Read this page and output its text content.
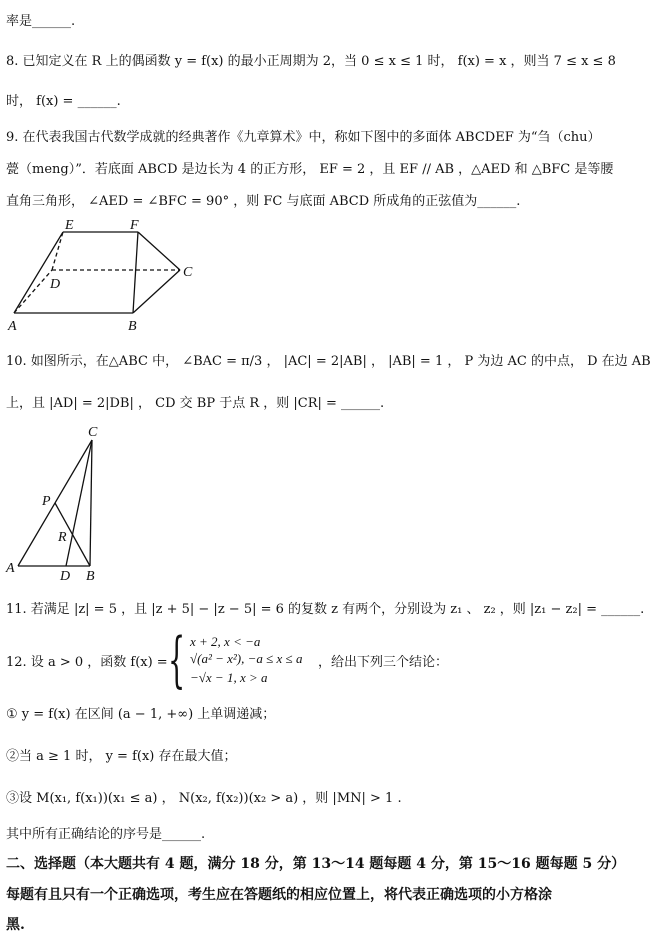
率是______.
8. 已知定义在 R 上的偶函数 y = f(x) 的最小正周期为 2，当 0 ≤ x ≤ 1 时， f(x) = x ，则当 7 ≤ x ≤ 8
时， f(x) = ______.
9. 在代表我国古代数学成就的经典著作《九章算术》中，称如下图中的多面体 ABCDEF 为“刍（chu）
甍（meng）”．若底面 ABCD 是边长为 4 的正方形， EF = 2 ，且 EF // AB ，△AED 和 △BFC 是等腰
直角三角形， ∠AED = ∠BFC = 90° ，则 FC 与底面 ABCD 所成角的正弦值为______.
A	B
C
D
E	F
10. 如图所示，在△ABC 中， ∠BAC = π/3 ， |AC| = 2|AB| ， |AB| = 1 ， P 为边 AC 的中点， D 在边 AB
上，且 |AD| = 2|DB| ， CD 交 BP 于点 R ，则 |CR| = ______.
A
B
C
D
P
R
11. 若满足 |z| = 5 ，且 |z + 5| − |z − 5| = 6 的复数 z 有两个，分别设为 z₁ 、 z₂ ，则 |z₁ − z₂| = ______.
12. 设 a > 0 ，函数 f(x) = { x + 2, x < −a
√(a² − x²), −a ≤ x ≤ a
−√x − 1, x > a
，给出下列三个结论：
① y = f(x) 在区间 (a − 1, +∞) 上单调递减；
②当 a ≥ 1 时， y = f(x) 存在最大值；
③设 M(x₁, f(x₁))(x₁ ≤ a) ， N(x₂, f(x₂))(x₂ > a) ，则 |MN| > 1 .
其中所有正确结论的序号是______.
二、选择题（本大题共有 4 题，满分 18 分，第 13～14 题每题 4 分，第 15～16 题每题 5 分）
每题有且只有一个正确选项，考生应在答题纸的相应位置上，将代表正确选项的小方格涂
黑.
